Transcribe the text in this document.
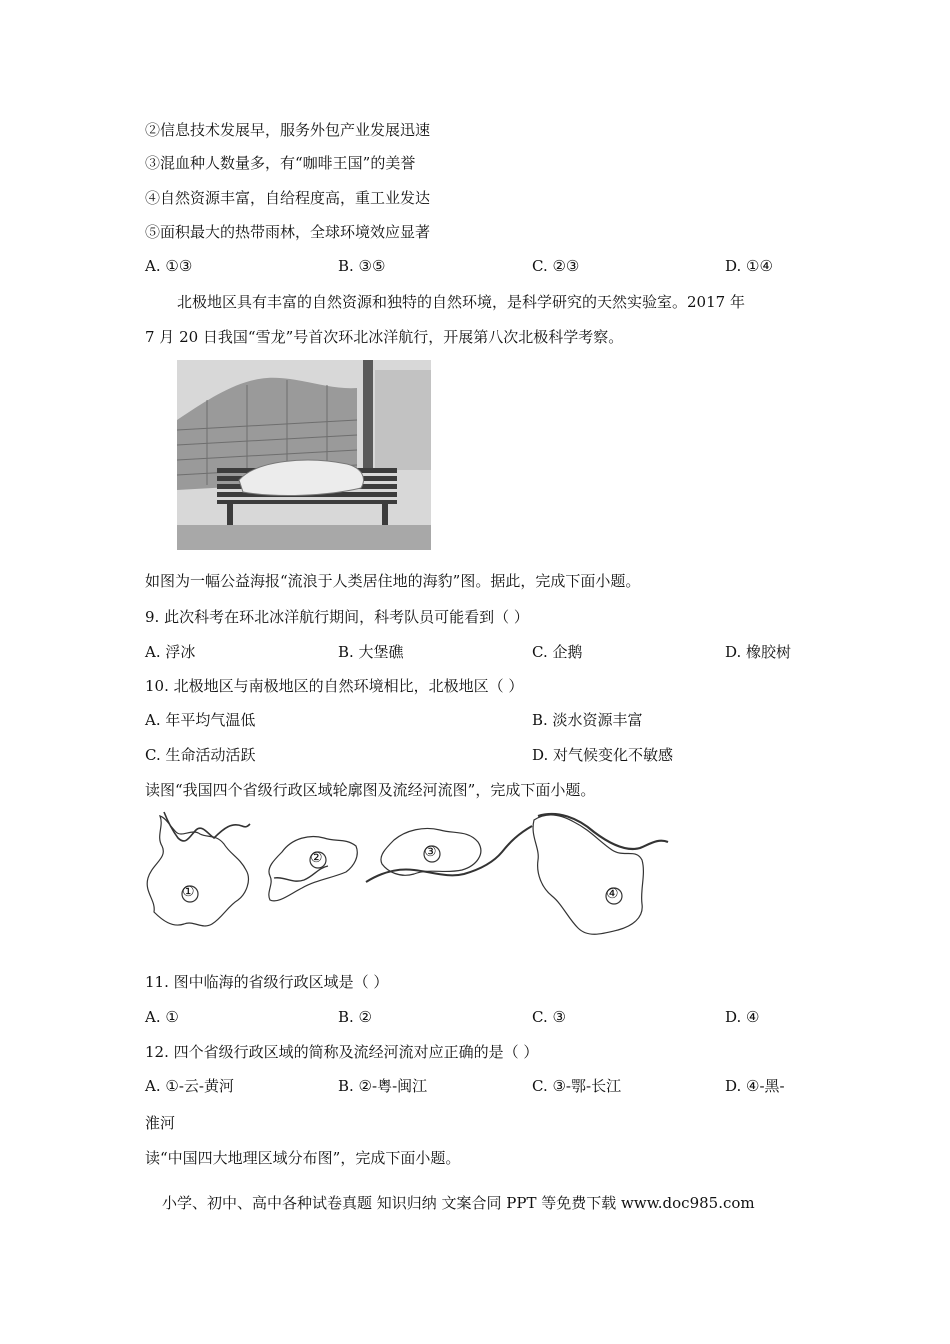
②信息技术发展早，服务外包产业发展迅速
③混血种人数量多，有“咖啡王国”的美誉
④自然资源丰富，自给程度高，重工业发达
⑤面积最大的热带雨林，全球环境效应显著
A. ①③	B. ③⑤	C. ②③	D. ①④
北极地区具有丰富的自然资源和独特的自然环境，是科学研究的天然实验室。2017 年
7 月 20 日我国“雪龙”号首次环北冰洋航行，开展第八次北极科学考察。
如图为一幅公益海报“流浪于人类居住地的海豹”图。据此，完成下面小题。
9. 此次科考在环北冰洋航行期间，科考队员可能看到（ ）
A. 浮冰	B. 大堡礁	C. 企鹅	D. 橡胶树
10. 北极地区与南极地区的自然环境相比，北极地区（ ）
A. 年平均气温低	B. 淡水资源丰富
C. 生命活动活跃	D. 对气候变化不敏感
读图“我国四个省级行政区域轮廓图及流经河流图”，完成下面小题。
①
②	③
④
11. 图中临海的省级行政区域是（ ）
A. ①	B. ②	C. ③	D. ④
12. 四个省级行政区域的简称及流经河流对应正确的是（ ）
A. ①-云-黄河	B. ②-粤-闽江	C. ③-鄂-长江	D. ④-黑-
淮河
读“中国四大地理区域分布图”，完成下面小题。
小学、初中、高中各种试卷真题 知识归纳 文案合同 PPT 等免费下载 www.doc985.com
